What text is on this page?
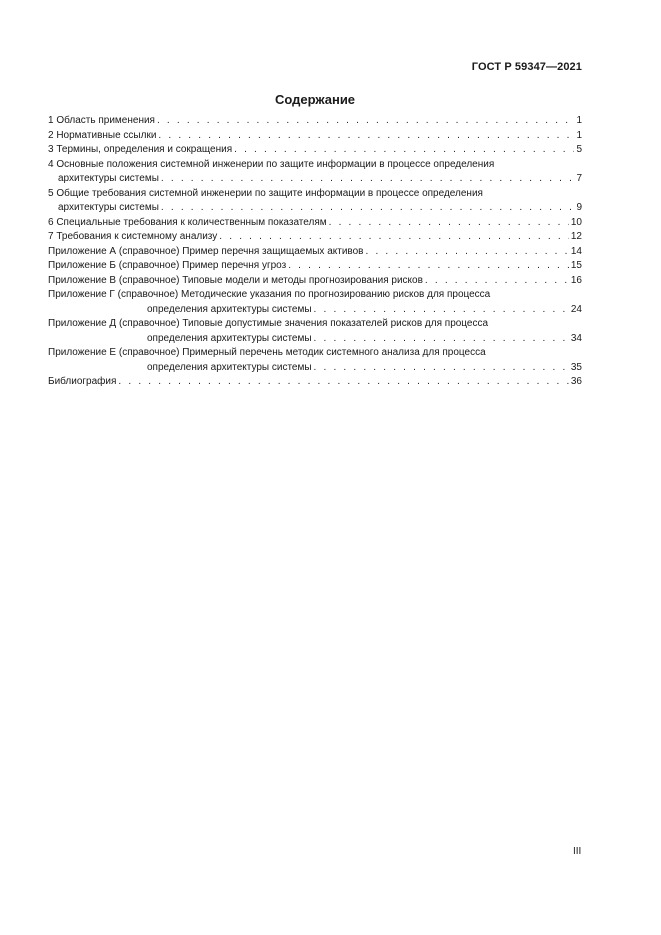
ГОСТ Р 59347—2021
Содержание
1 Область применения . . .	1
2 Нормативные ссылки . . .	1
3 Термины, определения и сокращения . . .	5
4 Основные положения системной инженерии по защите информации в процессе определения
архитектуры системы . . .	7
5 Общие требования системной инженерии по защите информации в процессе определения
архитектуры системы . . .	9
6 Специальные требования к количественным показателям . . .	10
7 Требования к системному анализу . . .	12
Приложение А (справочное) Пример перечня защищаемых активов . . .	14
Приложение Б (справочное) Пример перечня угроз . . .	15
Приложение В (справочное) Типовые модели и методы прогнозирования рисков . . .	16
Приложение Г (справочное) Методические указания по прогнозированию рисков для процесса
определения архитектуры системы . . .	24
Приложение Д (справочное) Типовые допустимые значения показателей рисков для процесса
определения архитектуры системы . . .	34
Приложение Е (справочное) Примерный перечень методик системного анализа для процесса
определения архитектуры системы . . .	35
Библиография . . .	36
III
